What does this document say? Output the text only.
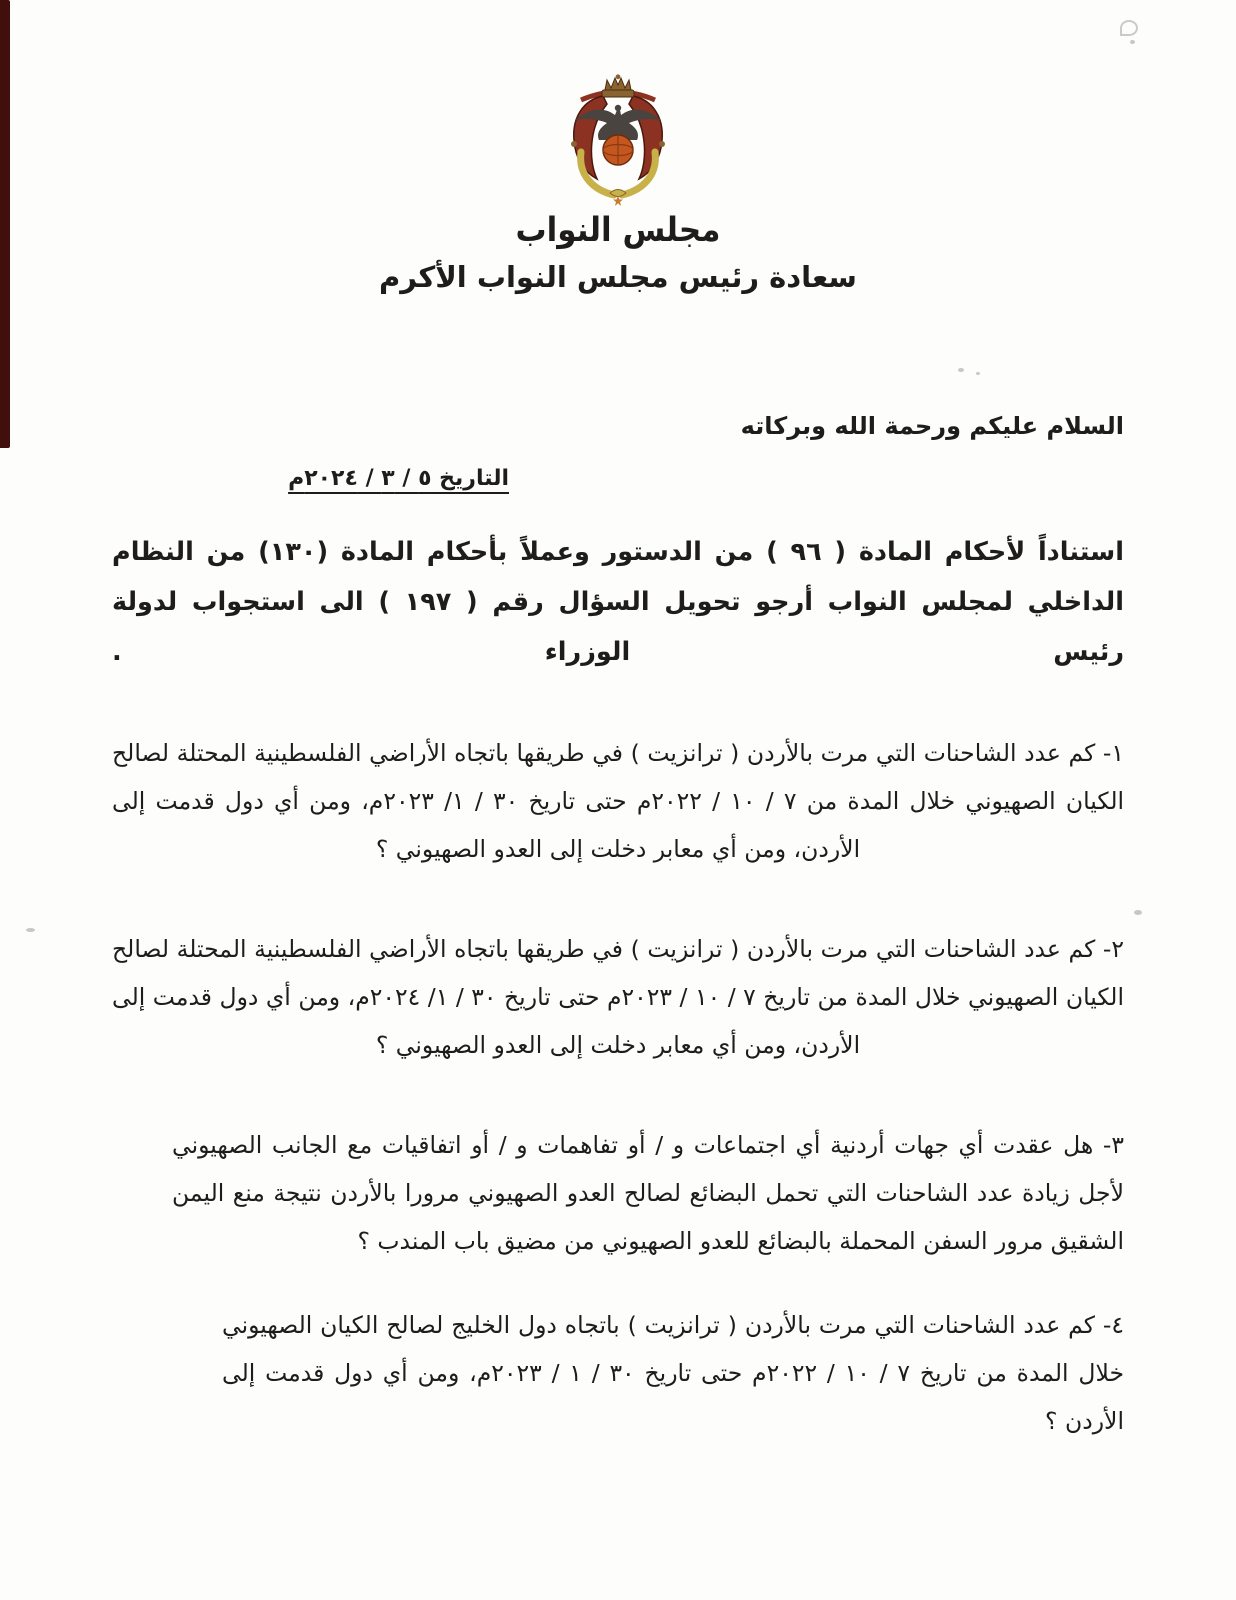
مجلس النواب
سعادة رئيس مجلس النواب الأكرم
السلام عليكم ورحمة الله وبركاته
التاريخ ٥ / ٣ / ٢٠٢٤م

استناداً لأحكام المادة ( ٩٦ ) من الدستور وعملاً بأحكام المادة (١٣٠) من النظام الداخلي لمجلس النواب أرجو تحويل السؤال رقم ( ١٩٧ ) الى استجواب لدولة رئيس الوزراء .

١- كم عدد الشاحنات التي مرت بالأردن ( ترانزيت ) في طريقها باتجاه الأراضي الفلسطينية المحتلة لصالح الكيان الصهيوني خلال المدة من ٧ / ١٠ / ٢٠٢٢م حتى تاريخ ٣٠ / ١/ ٢٠٢٣م، ومن أي دول قدمت إلى الأردن، ومن أي معابر دخلت إلى العدو الصهيوني ؟

٢- كم عدد الشاحنات التي مرت بالأردن ( ترانزيت ) في طريقها باتجاه الأراضي الفلسطينية المحتلة لصالح الكيان الصهيوني خلال المدة من تاريخ ٧ / ١٠ / ٢٠٢٣م حتى تاريخ ٣٠ / ١/ ٢٠٢٤م، ومن أي دول قدمت إلى الأردن، ومن أي معابر دخلت إلى العدو الصهيوني ؟

٣- هل عقدت أي جهات أردنية أي اجتماعات و / أو تفاهمات و / أو اتفاقيات مع الجانب الصهيوني لأجل زيادة عدد الشاحنات التي تحمل البضائع لصالح العدو الصهيوني مرورا بالأردن نتيجة منع اليمن الشقيق مرور السفن المحملة بالبضائع للعدو الصهيوني من مضيق باب المندب ؟

٤- كم عدد الشاحنات التي مرت بالأردن ( ترانزيت ) باتجاه دول الخليج لصالح الكيان الصهيوني خلال المدة من تاريخ ٧ / ١٠ / ٢٠٢٢م حتى تاريخ ٣٠ / ١ / ٢٠٢٣م، ومن أي دول قدمت إلى الأردن ؟
